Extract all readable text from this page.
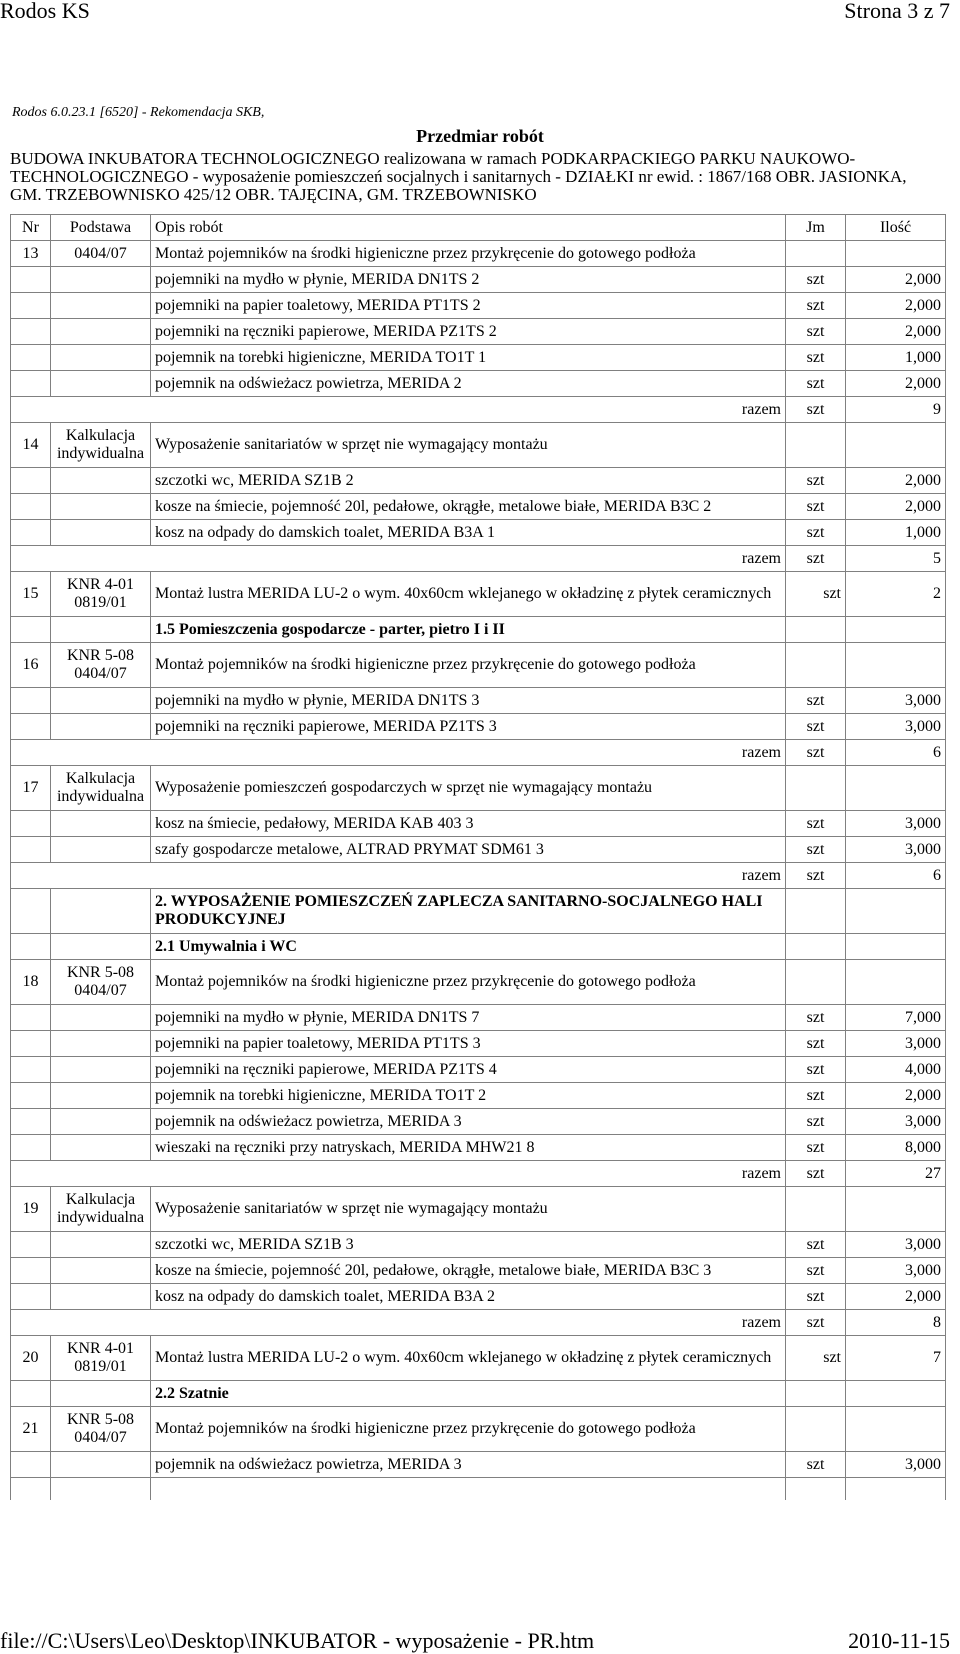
Rodos KS	Strona 3 z 7
Rodos 6.0.23.1 [6520] - Rekomendacja SKB,
Przedmiar robót
BUDOWA INKUBATORA TECHNOLOGICZNEGO realizowana w ramach PODKARPACKIEGO PARKU NAUKOWO-TECHNOLOGICZNEGO - wyposażenie pomieszczeń socjalnych i sanitarnych - DZIAŁKI nr ewid. : 1867/168 OBR. JASIONKA, GM. TRZEBOWNISKO 425/12 OBR. TAJĘCINA, GM. TRZEBOWNISKO
Nr	Podstawa	Opis robót	Jm	Ilość
13	0404/07	Montaż pojemników na środki higieniczne przez przykręcenie do gotowego podłoża		
		pojemniki na mydło w płynie, MERIDA DN1TS 2	szt	2,000
		pojemniki na papier toaletowy, MERIDA PT1TS 2	szt	2,000
		pojemniki na ręczniki papierowe, MERIDA PZ1TS 2	szt	2,000
		pojemnik na torebki higieniczne, MERIDA TO1T 1	szt	1,000
		pojemnik na odświeżacz powietrza, MERIDA 2	szt	2,000
razem			szt	9
14	Kalkulacja indywidualna	Wyposażenie sanitariatów w sprzęt nie wymagający montażu		
		szczotki wc, MERIDA SZ1B 2	szt	2,000
		kosze na śmiecie, pojemność 20l, pedałowe, okrągłe, metalowe białe, MERIDA B3C 2	szt	2,000
		kosz na odpady do damskich toalet, MERIDA B3A 1	szt	1,000
razem			szt	5
15	KNR 4-01 0819/01	Montaż lustra MERIDA LU-2 o wym. 40x60cm wklejanego w okładzinę z płytek ceramicznych	szt	2
		1.5 Pomieszczenia gospodarcze - parter, pietro I i II		
16	KNR 5-08 0404/07	Montaż pojemników na środki higieniczne przez przykręcenie do gotowego podłoża		
		pojemniki na mydło w płynie, MERIDA DN1TS 3	szt	3,000
		pojemniki na ręczniki papierowe, MERIDA PZ1TS 3	szt	3,000
razem			szt	6
17	Kalkulacja indywidualna	Wyposażenie pomieszczeń gospodarczych w sprzęt nie wymagający montażu		
		kosz na śmiecie, pedałowy, MERIDA KAB 403 3	szt	3,000
		szafy gospodarcze metalowe, ALTRAD PRYMAT SDM61 3	szt	3,000
razem			szt	6
		2. WYPOSAŻENIE POMIESZCZEŃ ZAPLECZA SANITARNO-SOCJALNEGO HALI PRODUKCYJNEJ		
		2.1 Umywalnia i WC		
18	KNR 5-08 0404/07	Montaż pojemników na środki higieniczne przez przykręcenie do gotowego podłoża		
		pojemniki na mydło w płynie, MERIDA DN1TS 7	szt	7,000
		pojemniki na papier toaletowy, MERIDA PT1TS 3	szt	3,000
		pojemniki na ręczniki papierowe, MERIDA PZ1TS 4	szt	4,000
		pojemnik na torebki higieniczne, MERIDA TO1T 2	szt	2,000
		pojemnik na odświeżacz powietrza, MERIDA 3	szt	3,000
		wieszaki na ręczniki przy natryskach, MERIDA MHW21 8	szt	8,000
razem			szt	27
19	Kalkulacja indywidualna	Wyposażenie sanitariatów w sprzęt nie wymagający montażu		
		szczotki wc, MERIDA SZ1B 3	szt	3,000
		kosze na śmiecie, pojemność 20l, pedałowe, okrągłe, metalowe białe, MERIDA B3C 3	szt	3,000
		kosz na odpady do damskich toalet, MERIDA B3A 2	szt	2,000
razem			szt	8
20	KNR 4-01 0819/01	Montaż lustra MERIDA LU-2 o wym. 40x60cm wklejanego w okładzinę z płytek ceramicznych	szt	7
		2.2 Szatnie		
21	KNR 5-08 0404/07	Montaż pojemników na środki higieniczne przez przykręcenie do gotowego podłoża		
		pojemnik na odświeżacz powietrza, MERIDA 3	szt	3,000

file://C:\Users\Leo\Desktop\INKUBATOR - wyposażenie - PR.htm	2010-11-15
